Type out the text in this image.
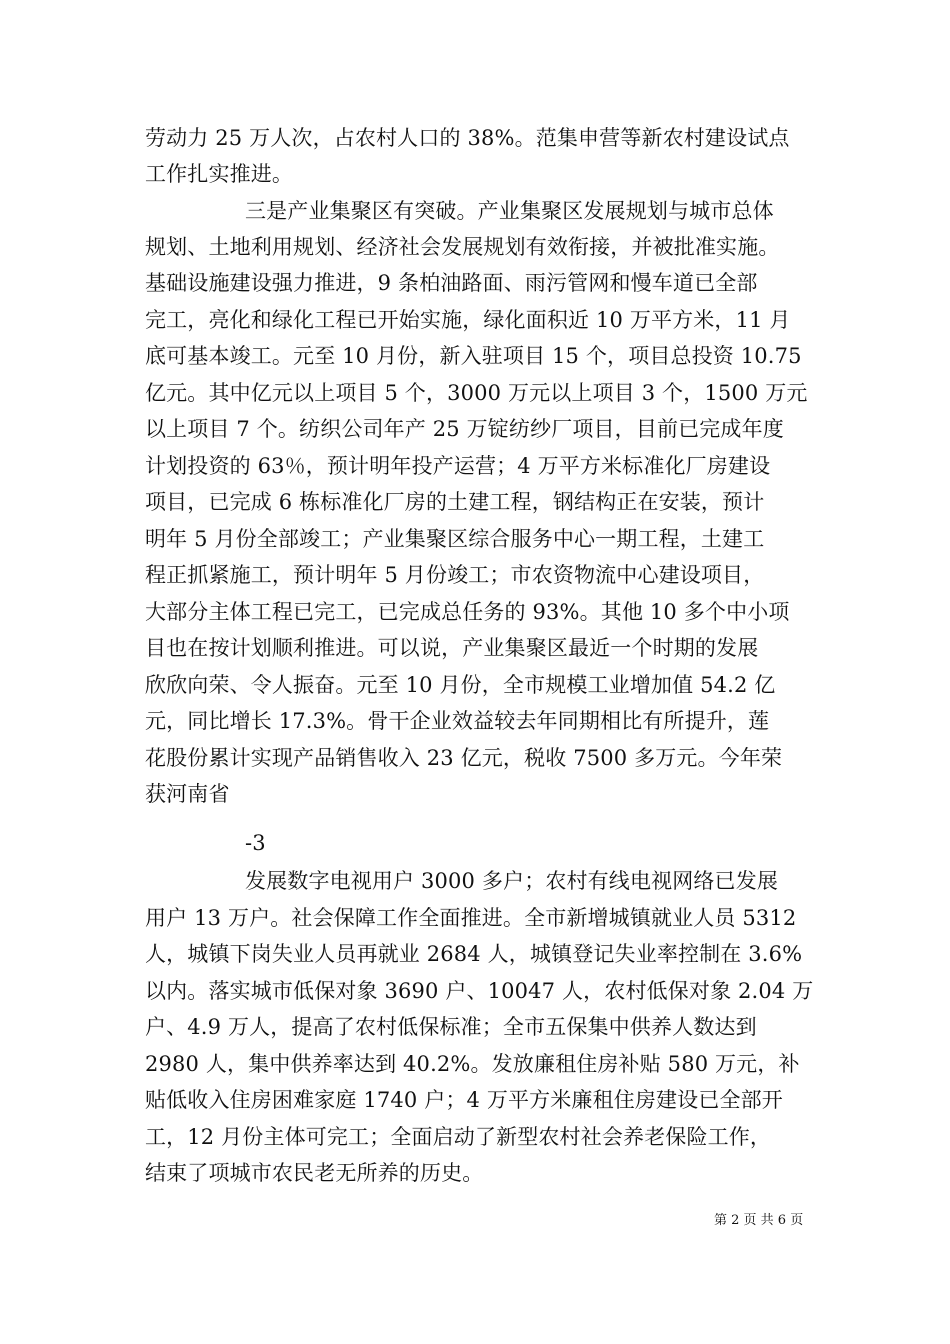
劳动力 25 万人次，占农村人口的 38%。范集申营等新农村建设试点
工作扎实推进。
三是产业集聚区有突破。产业集聚区发展规划与城市总体
规划、土地利用规划、经济社会发展规划有效衔接，并被批准实施。
基础设施建设强力推进，9 条柏油路面、雨污管网和慢车道已全部
完工，亮化和绿化工程已开始实施，绿化面积近 10 万平方米，11 月
底可基本竣工。元至 10 月份，新入驻项目 15 个，项目总投资 10.75
亿元。其中亿元以上项目 5 个，3000 万元以上项目 3 个，1500 万元
以上项目 7 个。纺织公司年产 25 万锭纺纱厂项目，目前已完成年度
计划投资的 63％，预计明年投产运营；4 万平方米标准化厂房建设
项目，已完成 6 栋标准化厂房的土建工程，钢结构正在安装，预计
明年 5 月份全部竣工；产业集聚区综合服务中心一期工程，土建工
程正抓紧施工，预计明年 5 月份竣工；市农资物流中心建设项目，
大部分主体工程已完工，已完成总任务的 93%。其他 10 多个中小项
目也在按计划顺利推进。可以说，产业集聚区最近一个时期的发展
欣欣向荣、令人振奋。元至 10 月份，全市规模工业增加值 54.2 亿
元，同比增长 17.3%。骨干企业效益较去年同期相比有所提升，莲
花股份累计实现产品销售收入 23 亿元，税收 7500 多万元。今年荣
获河南省
-3
发展数字电视用户 3000 多户；农村有线电视网络已发展
用户 13 万户。社会保障工作全面推进。全市新增城镇就业人员 5312
人，城镇下岗失业人员再就业 2684 人，城镇登记失业率控制在 3.6%
以内。落实城市低保对象 3690 户、10047 人，农村低保对象 2.04 万
户、4.9 万人，提高了农村低保标准；全市五保集中供养人数达到
2980 人，集中供养率达到 40.2%。发放廉租住房补贴 580 万元，补
贴低收入住房困难家庭 1740 户；4 万平方米廉租住房建设已全部开
工，12 月份主体可完工；全面启动了新型农村社会养老保险工作，
结束了项城市农民老无所养的历史。
第 2 页 共 6 页
